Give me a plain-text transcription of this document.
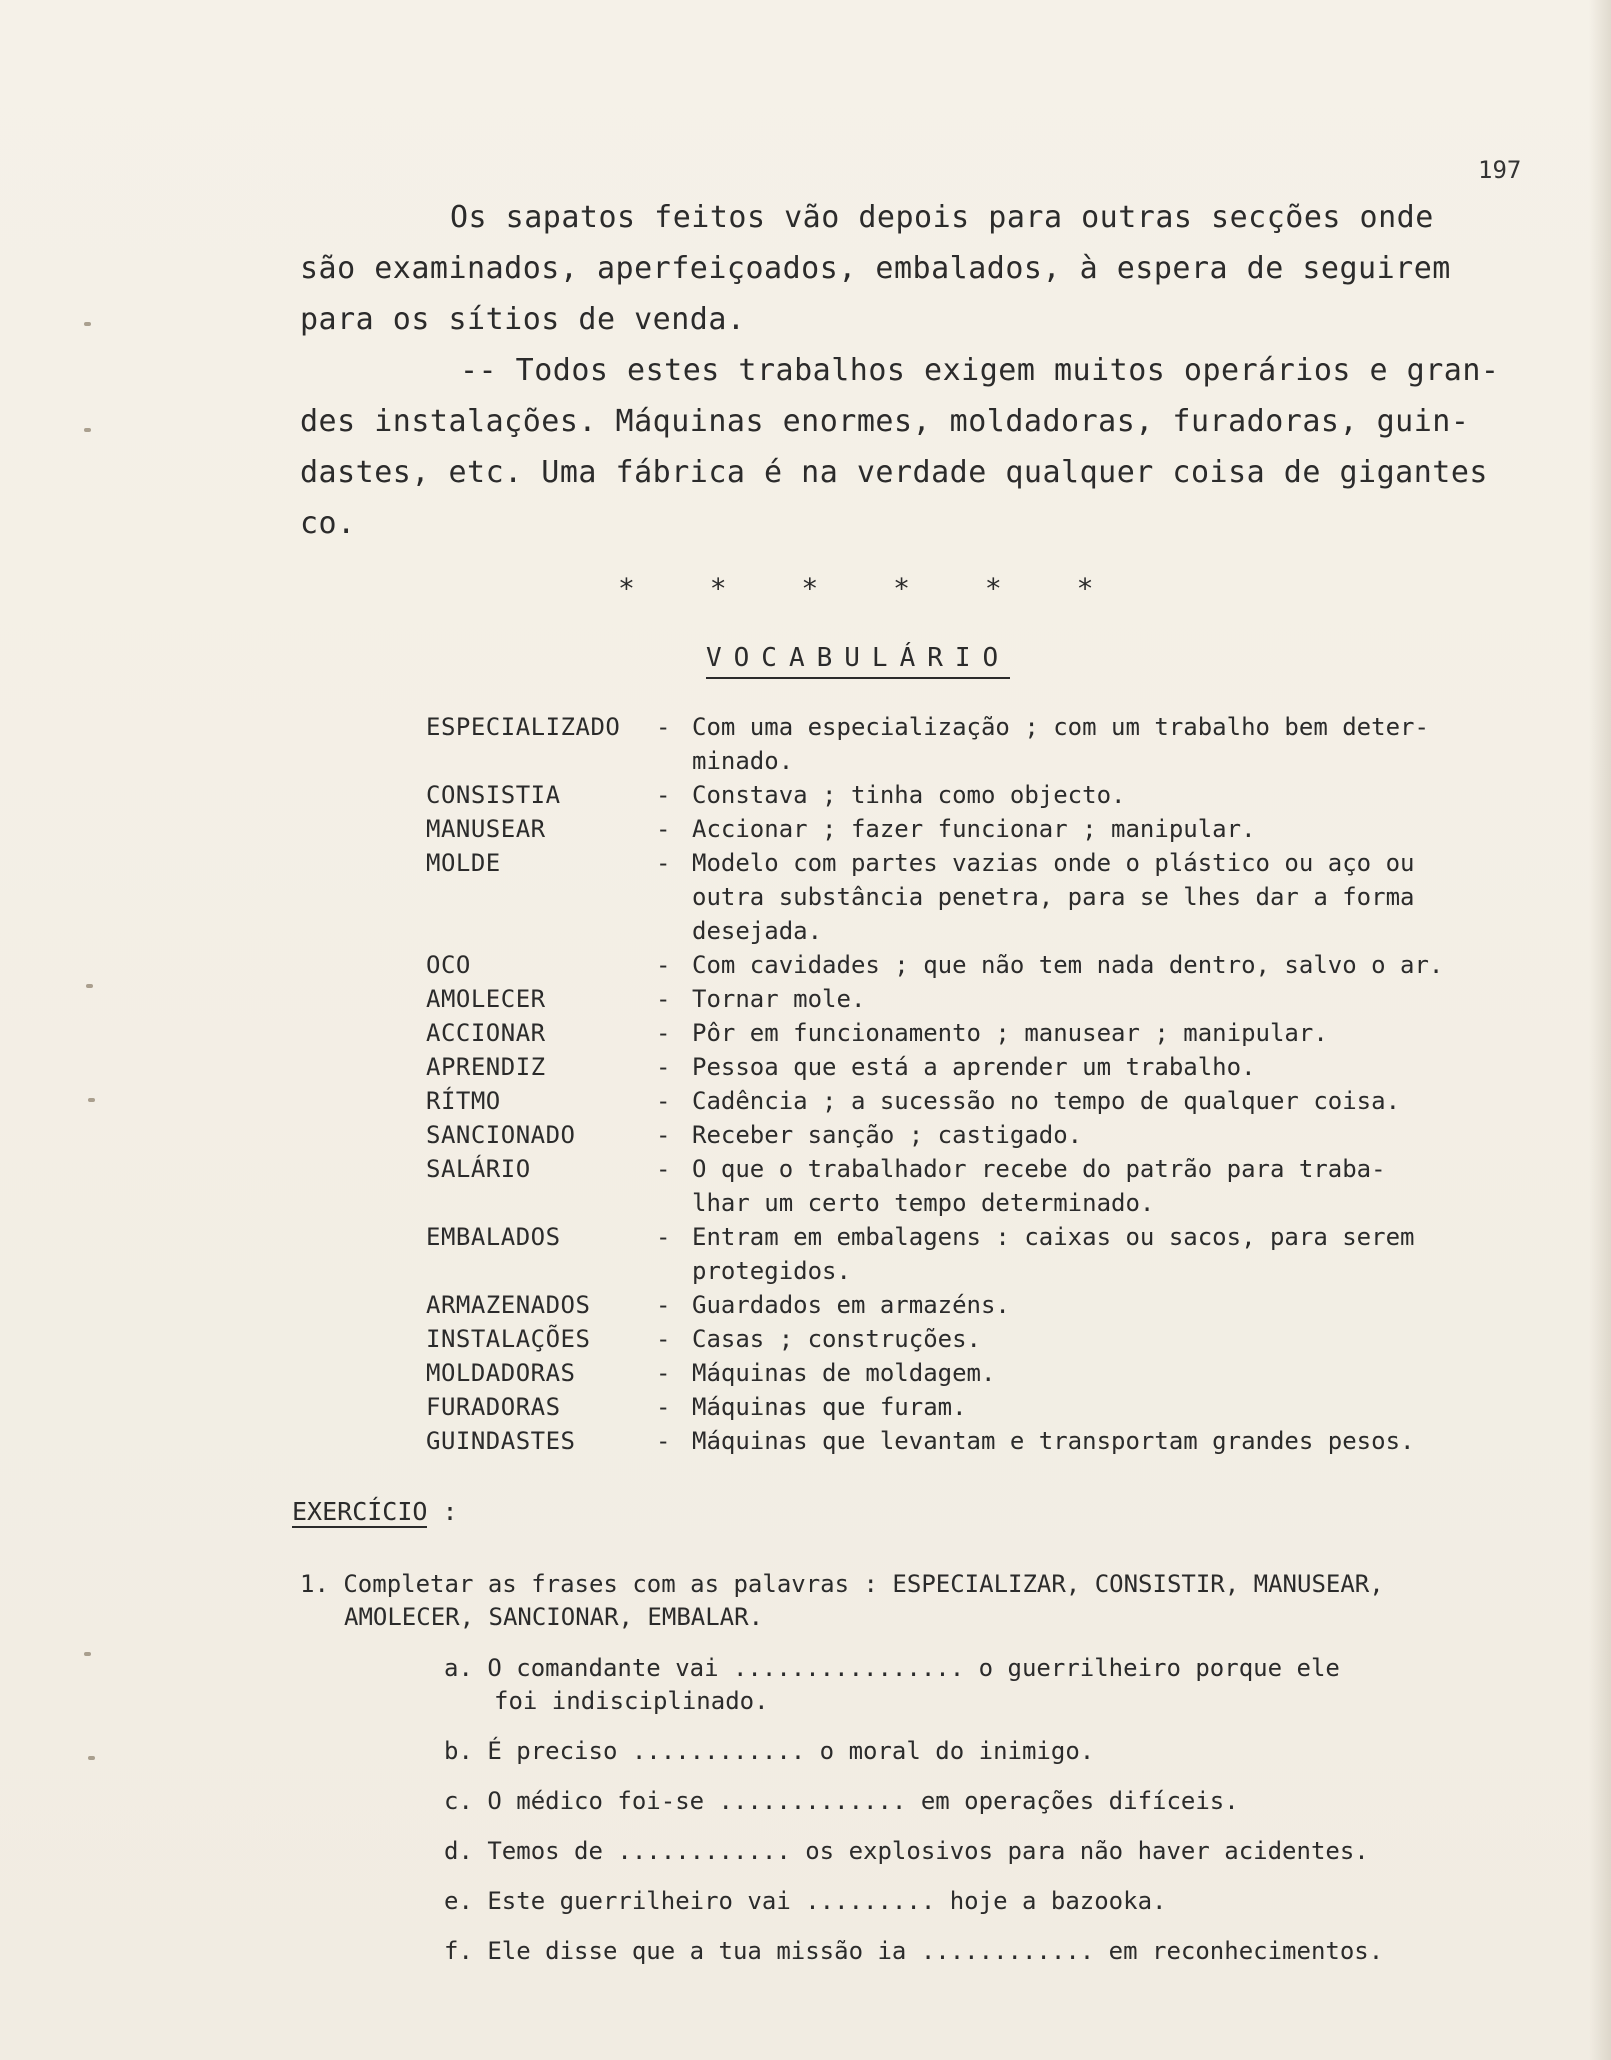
197

Os sapatos feitos vão depois para outras secções onde

são examinados, aperfeiçoados, embalados, à espera de seguirem

para os sítios de venda.

-- Todos estes trabalhos exigem muitos operários e gran-

des instalações. Máquinas enormes, moldadoras, furadoras, guin-

dastes, etc. Uma fábrica é na verdade qualquer coisa de gigantes

co.

* * * * * *
VOCABULÁRIO
ESPECIALIZADO	- Com uma especialização ; com um trabalho bem deter-
minado.
CONSISTIA	- Constava ; tinha como objecto.
MANUSEAR	- Accionar ; fazer funcionar ; manipular.
MOLDE	- Modelo com partes vazias onde o plástico ou aço ou
outra substância penetra, para se lhes dar a forma
desejada.
OCO	- Com cavidades ; que não tem nada dentro, salvo o ar.
AMOLECER	- Tornar mole.
ACCIONAR	- Pôr em funcionamento ; manusear ; manipular.
APRENDIZ	- Pessoa que está a aprender um trabalho.
RÍTMO	- Cadência ; a sucessão no tempo de qualquer coisa.
SANCIONADO	- Receber sanção ; castigado.
SALÁRIO	- O que o trabalhador recebe do patrão para traba-
lhar um certo tempo determinado.
EMBALADOS	- Entram em embalagens : caixas ou sacos, para serem
protegidos.
ARMAZENADOS	- Guardados em armazéns.
INSTALAÇÕES	- Casas ; construções.
MOLDADORAS	- Máquinas de moldagem.
FURADORAS	- Máquinas que furam.
GUINDASTES	- Máquinas que levantam e transportam grandes pesos.
EXERCÍCIO :
1. Completar as frases com as palavras : ESPECIALIZAR, CONSISTIR, MANUSEAR,
AMOLECER, SANCIONAR, EMBALAR.
a. O comandante vai ................ o guerrilheiro porque ele
foi indisciplinado.
b. É preciso ............ o moral do inimigo.
c. O médico foi-se ............. em operações difíceis.
d. Temos de ............ os explosivos para não haver acidentes.
e. Este guerrilheiro vai ......... hoje a bazooka.
f. Ele disse que a tua missão ia ............ em reconhecimentos.
